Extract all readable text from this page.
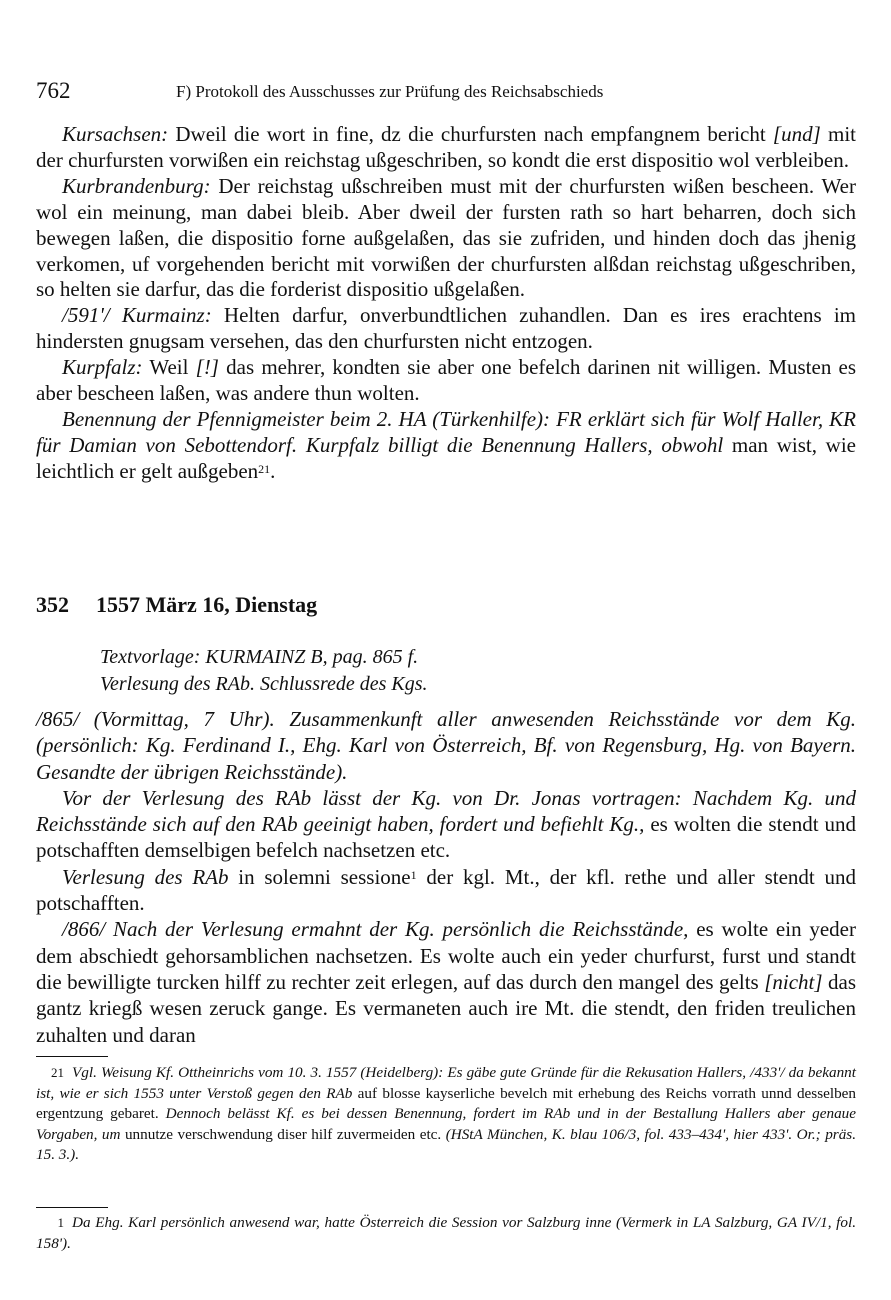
762	F) Protokoll des Ausschusses zur Prüfung des Reichsabschieds

Kursachsen: Dweil die wort in fine, dz die churfursten nach empfangnem bericht [und] mit der churfursten vorwißen ein reichstag ußgeschriben, so kondt die erst dispositio wol verbleiben.

Kurbrandenburg: Der reichstag ußschreiben must mit der churfursten wißen bescheen. Wer wol ein meinung, man dabei bleib. Aber dweil der fursten rath so hart beharren, doch sich bewegen laßen, die dispositio forne außgelaßen, das sie zufriden, und hinden doch das jhenig verkomen, uf vorgehenden bericht mit vorwißen der churfursten alßdan reichstag ußgeschriben, so helten sie darfur, das die forderist dispositio ußgelaßen.

/591'/ Kurmainz: Helten darfur, onverbundtlichen zuhandlen. Dan es ires erachtens im hindersten gnugsam versehen, das den churfursten nicht entzogen.

Kurpfalz: Weil [!] das mehrer, kondten sie aber one befelch darinen nit willigen. Musten es aber bescheen laßen, was andere thun wolten.

Benennung der Pfennigmeister beim 2. HA (Türkenhilfe): FR erklärt sich für Wolf Haller, KR für Damian von Sebottendorf. Kurpfalz billigt die Benennung Hallers, obwohl man wist, wie leichtlich er gelt außgeben$^{21}$.

352 1557 März 16, Dienstag
Textvorlage: KURMAINZ B, pag. 865 f.
Verlesung des RAb. Schlussrede des Kgs.

/865/ (Vormittag, 7 Uhr). Zusammenkunft aller anwesenden Reichsstände vor dem Kg. (persönlich: Kg. Ferdinand I., Ehg. Karl von Österreich, Bf. von Regensburg, Hg. von Bayern. Gesandte der übrigen Reichsstände).

Vor der Verlesung des RAb lässt der Kg. von Dr. Jonas vortragen: Nachdem Kg. und Reichsstände sich auf den RAb geeinigt haben, fordert und befiehlt Kg., es wolten die stendt und potschafften demselbigen befelch nachsetzen etc.

Verlesung des RAb in solemni sessione$^1$ der kgl. Mt., der kfl. rethe und aller stendt und potschafften.

/866/ Nach der Verlesung ermahnt der Kg. persönlich die Reichsstände, es wolte ein yeder dem abschiedt gehorsamblichen nachsetzen. Es wolte auch ein yeder churfurst, furst und standt die bewilligte turcken hilff zu rechter zeit erlegen, auf das durch den mangel des gelts [nicht] das gantz kriegß wesen zeruck gange. Es vermaneten auch ire Mt. die stendt, den friden treulichen zuhalten und daran

21 Vgl. Weisung Kf. Ottheinrichs vom 10. 3. 1557 (Heidelberg): Es gäbe gute Gründe für die Rekusation Hallers, /433'/ da bekannt ist, wie er sich 1553 unter Verstoß gegen den RAb auf blosse kayserliche bevelch mit erhebung des Reichs vorrath unnd desselben ergentzung gebaret. Dennoch belässt Kf. es bei dessen Benennung, fordert im RAb und in der Bestallung Hallers aber genaue Vorgaben, um unnutze verschwendung diser hilf zuvermeiden etc. (HStA München, K. blau 106/3, fol. 433–434', hier 433'. Or.; präs. 15. 3.).

1 Da Ehg. Karl persönlich anwesend war, hatte Österreich die Session vor Salzburg inne (Vermerk in LA Salzburg, GA IV/1, fol. 158').
